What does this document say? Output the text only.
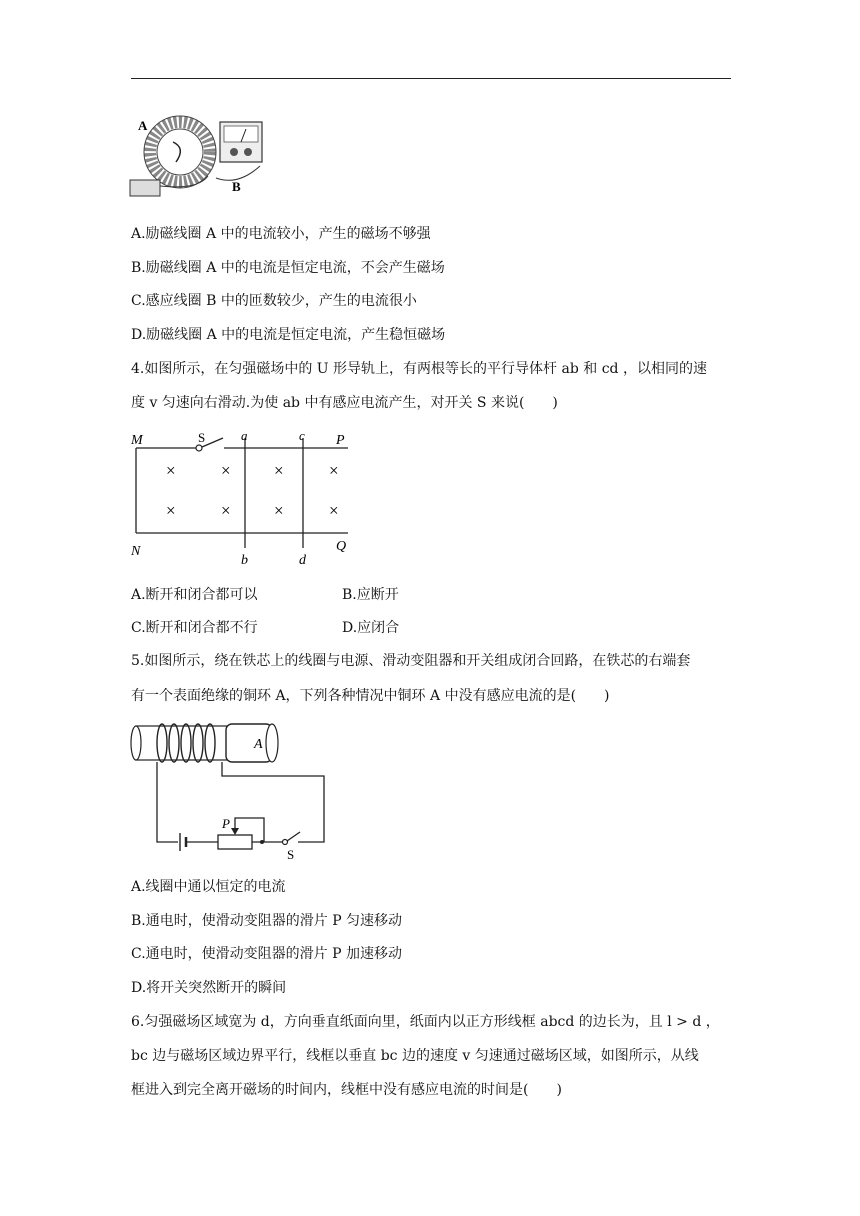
A
B
A.励磁线圈 A 中的电流较小，产生的磁场不够强
B.励磁线圈 A 中的电流是恒定电流，不会产生磁场
C.感应线圈 B 中的匝数较少，产生的电流很小
D.励磁线圈 A 中的电流是恒定电流，产生稳恒磁场
4.如图所示，在匀强磁场中的 U 形导轨上，有两根等长的平行导体杆 ab 和 cd ，以相同的速
度 v 匀速向右滑动.为使 ab 中有感应电流产生，对开关 S 来说(　　)
×	×	×	×
×	×	×	×
M
N
P
Q
S	a
b
c
d
A.断开和闭合都可以	B.应断开
C.断开和闭合都不行	D.应闭合
5.如图所示，绕在铁芯上的线圈与电源、滑动变阻器和开关组成闭合回路，在铁芯的右端套
有一个表面绝缘的铜环 A，下列各种情况中铜环 A 中没有感应电流的是(　　)
A
P
S
A.线圈中通以恒定的电流
B.通电时，使滑动变阻器的滑片 P 匀速移动
C.通电时，使滑动变阻器的滑片 P 加速移动
D.将开关突然断开的瞬间
6.匀强磁场区域宽为 d，方向垂直纸面向里，纸面内以正方形线框 abcd 的边长为，且 l > d ，
bc 边与磁场区域边界平行，线框以垂直 bc 边的速度 v 匀速通过磁场区域，如图所示，从线
框进入到完全离开磁场的时间内，线框中没有感应电流的时间是(　　)
